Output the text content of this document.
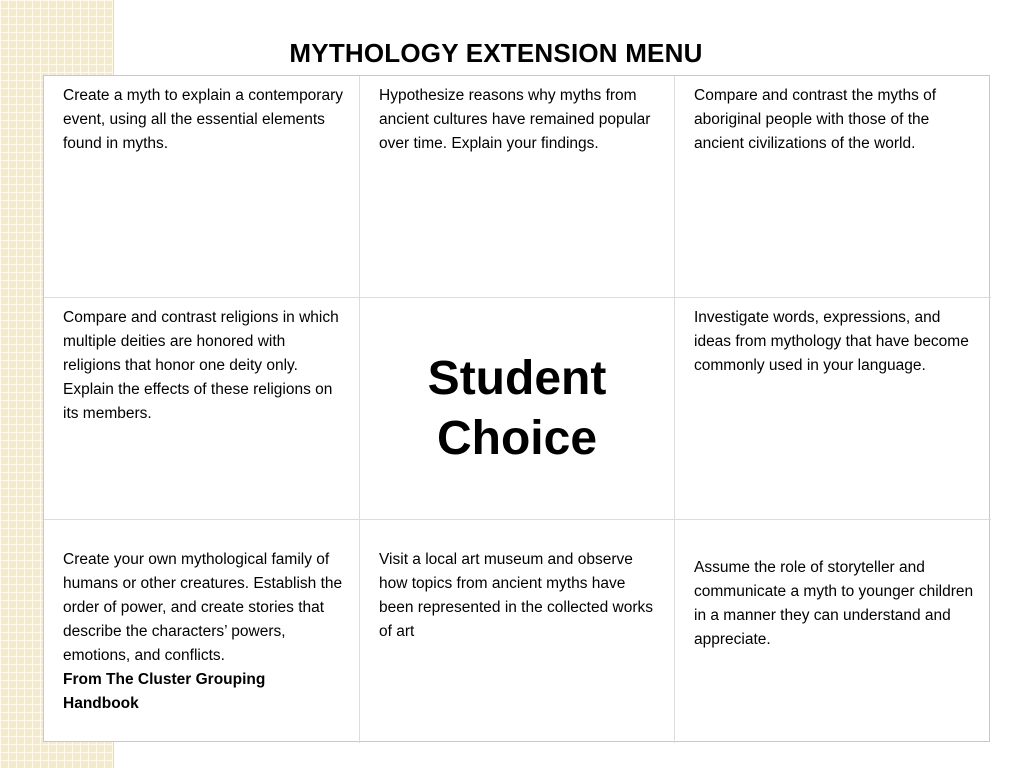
MYTHOLOGY EXTENSION MENU
Create a myth to explain a contemporary event, using all the essential elements found in myths.
Hypothesize reasons why myths from ancient cultures have remained popular over time. Explain your findings.
Compare and contrast the myths of aboriginal people with those of the ancient civilizations of the world.
Compare and contrast religions in which multiple deities are honored with religions that honor one deity only. Explain the effects of these religions on its members.
Student Choice
Investigate words, expressions, and ideas from mythology that have become commonly used in your language.
Create your own mythological family of humans or other creatures. Establish the order of power, and create stories that describe the characters’ powers, emotions, and conflicts.
From The Cluster Grouping Handbook
Visit a local art museum and observe how topics from ancient myths have been represented in the collected works of art
Assume the role of storyteller and communicate a myth to younger children in a manner they can understand and appreciate.
